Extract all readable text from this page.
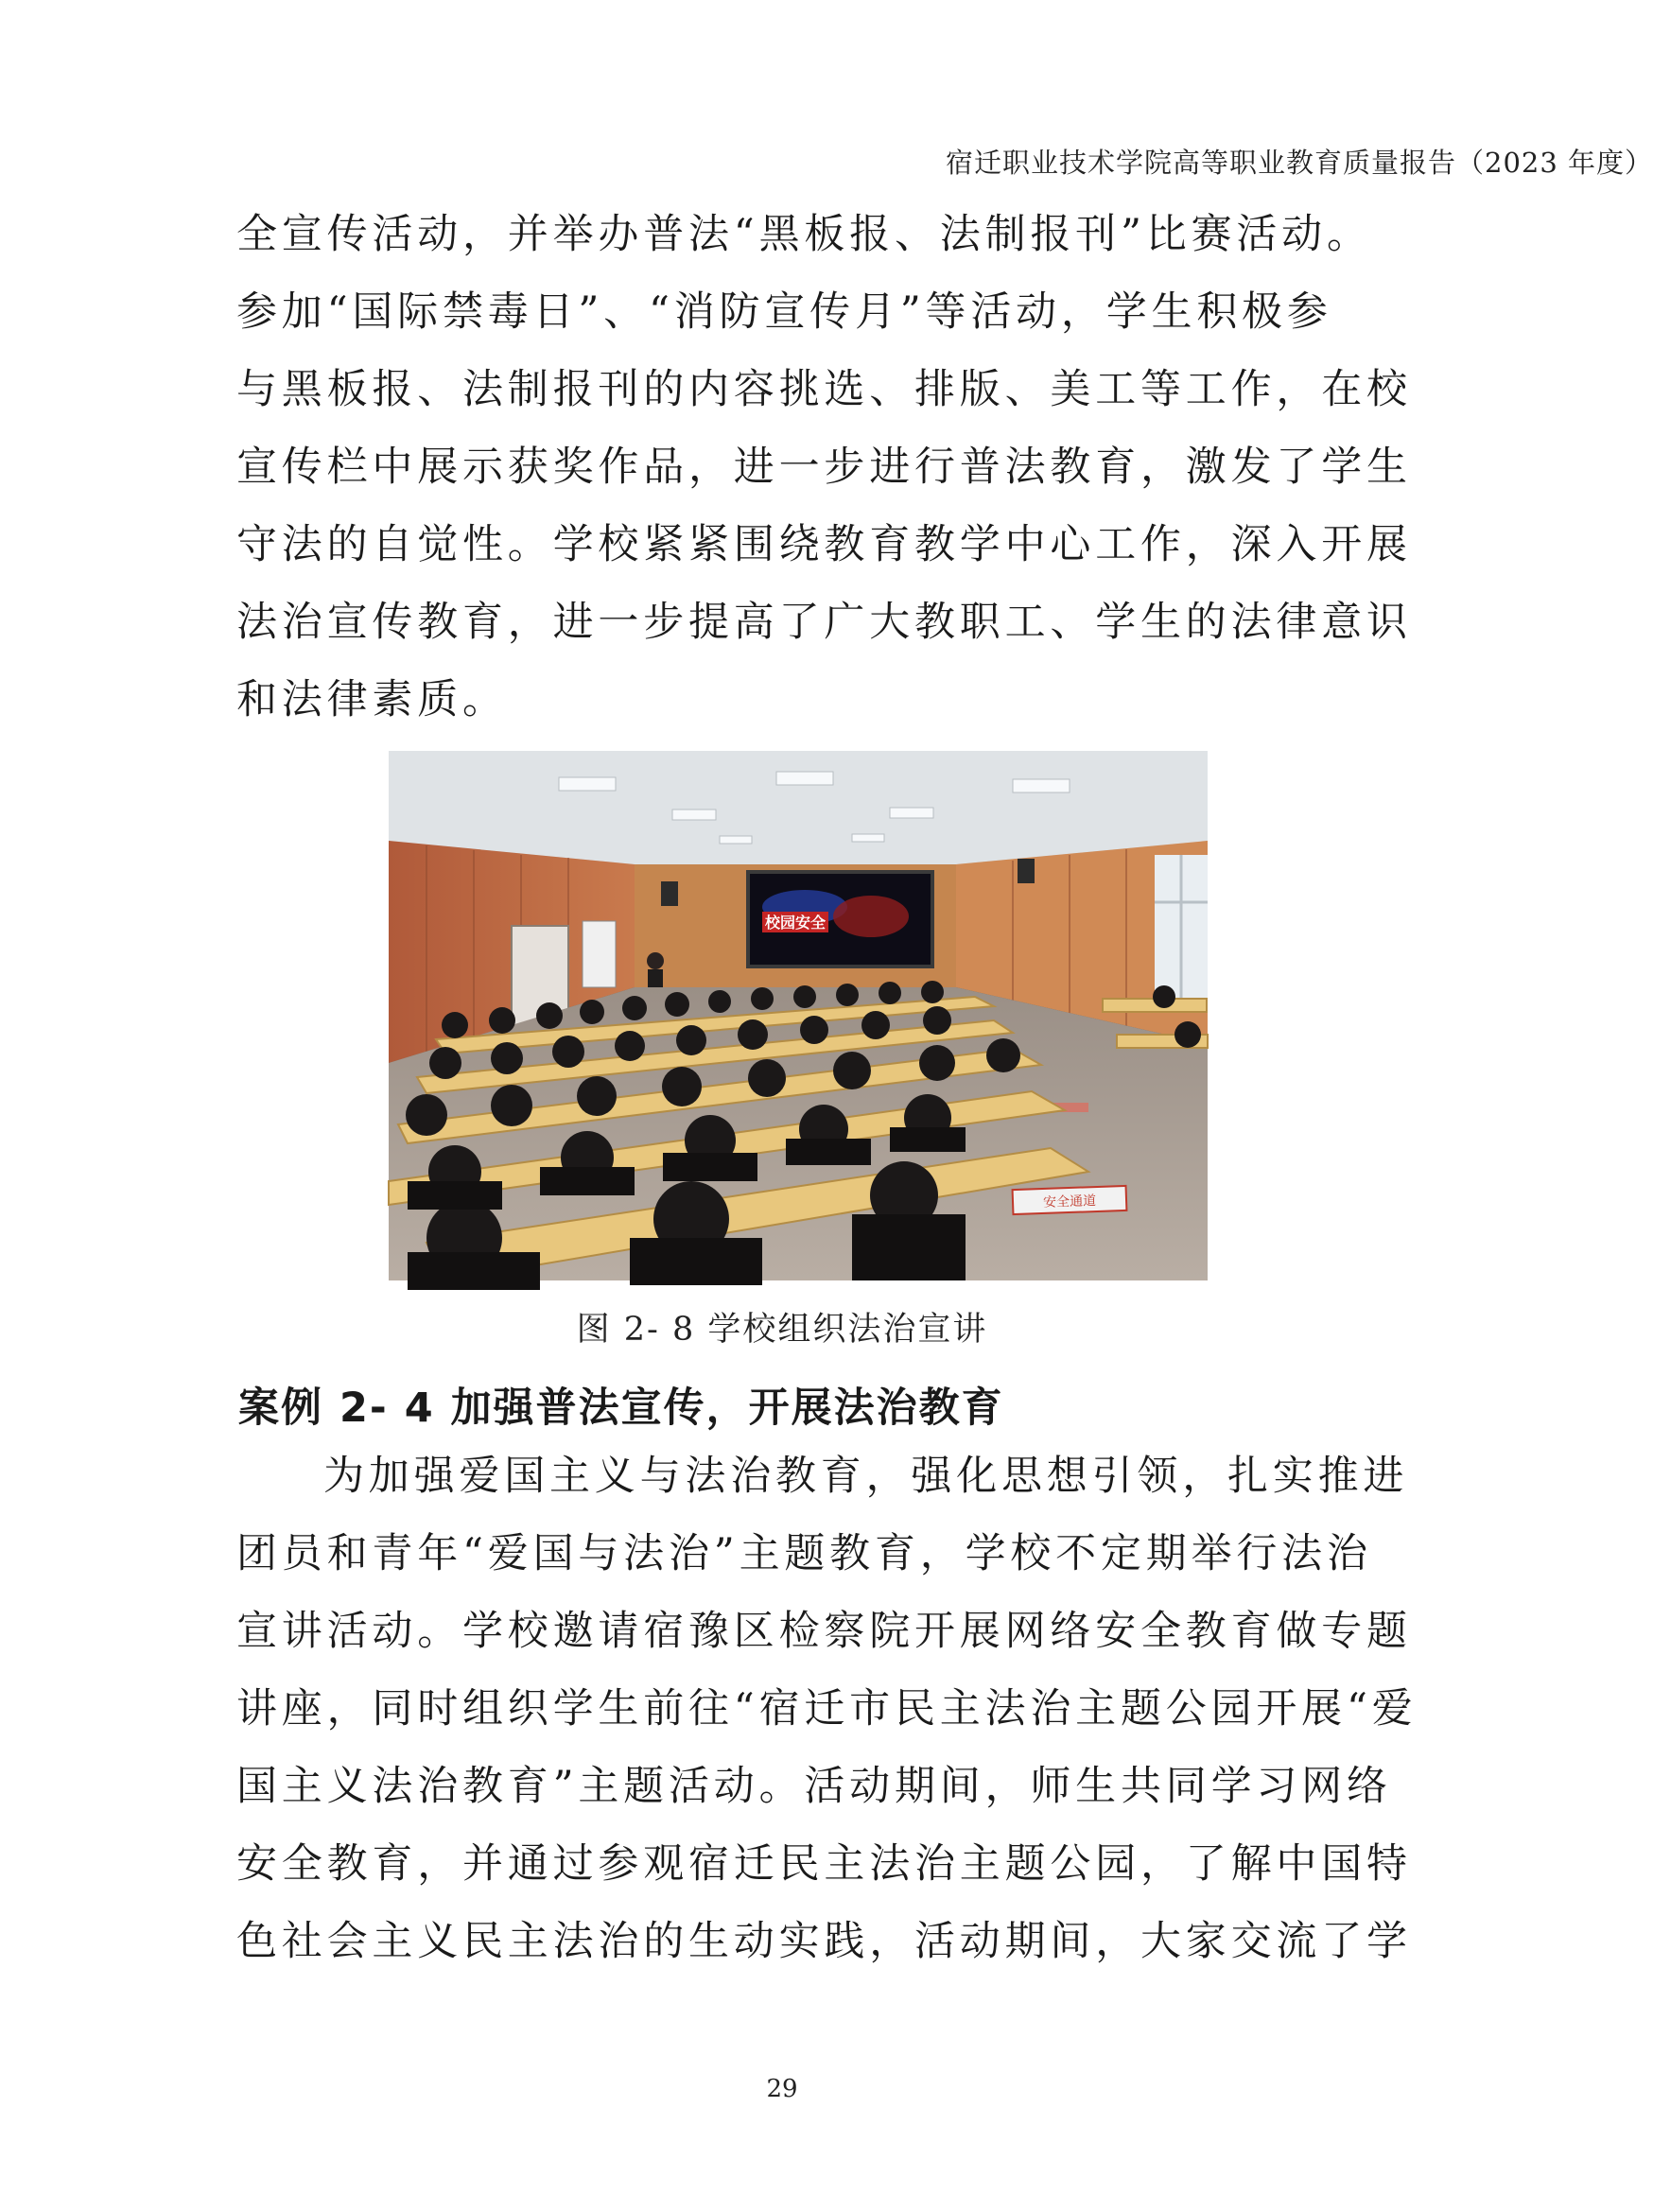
宿迁职业技术学院高等职业教育质量报告（2023 年度）
全宣传活动，并举办普法“黑板报、法制报刊”比赛活动。
参加“国际禁毒日”、“消防宣传月”等活动，学生积极参
与黑板报、法制报刊的内容挑选、排版、美工等工作，在校
宣传栏中展示获奖作品，进一步进行普法教育，激发了学生
守法的自觉性。学校紧紧围绕教育教学中心工作，深入开展
法治宣传教育，进一步提高了广大教职工、学生的法律意识
和法律素质。
校园安全
安全通道
图 2- 8 学校组织法治宣讲
案例 2- 4 加强普法宣传，开展法治教育
为加强爱国主义与法治教育，强化思想引领，扎实推进
团员和青年“爱国与法治”主题教育，学校不定期举行法治
宣讲活动。学校邀请宿豫区检察院开展网络安全教育做专题
讲座，同时组织学生前往“宿迁市民主法治主题公园开展“爱
国主义法治教育”主题活动。活动期间，师生共同学习网络
安全教育，并通过参观宿迁民主法治主题公园，了解中国特
色社会主义民主法治的生动实践，活动期间，大家交流了学
29
